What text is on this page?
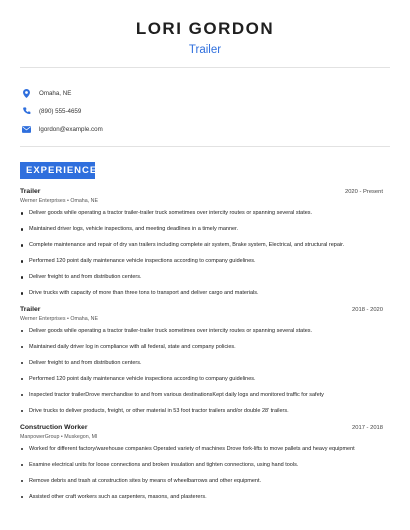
LORI GORDON
Trailer
Omaha, NE
(890) 555-4659
lgordon@example.com
EXPERIENCE
Trailer	2020 - Present
Werner Enterprises • Omaha, NE
Deliver goods while operating a tractor trailer-trailer truck sometimes over intercity routes or spanning several states.
Maintained driver logs, vehicle inspections, and meeting deadlines in a timely manner.
Complete maintenance and repair of dry van trailers including complete air system, Brake system, Electrical, and structural repair.
Performed 120 point daily maintenance vehicle inspections according to company guidelines.
Deliver freight to and from distribution centers.
Drive trucks with capacity of more than three tons to transport and deliver cargo and materials.
Trailer	2018 - 2020
Werner Enterprises • Omaha, NE
Deliver goods while operating a tractor trailer-trailer truck sometimes over intercity routes or spanning several states.
Maintained daily driver log in compliance with all federal, state and company policies.
Deliver freight to and from distribution centers.
Performed 120 point daily maintenance vehicle inspections according to company guidelines.
Inspected tractor trailerDrove merchandise to and from various destinationsKept daily logs and monitored traffic for safety
Drive trucks to deliver products, freight, or other material in 53 foot tractor trailers and/or double 28' trailers.
Construction Worker	2017 - 2018
ManpowerGroup • Muskegon, MI
Worked for different factory/warehouse companies Operated variety of machines Drove fork-lifts to move pallets and heavy equipment
Examine electrical units for loose connections and broken insulation and tighten connections, using hand tools.
Remove debris and trash at construction sites by means of wheelbarrows and other equipment.
Assisted other craft workers such as carpenters, masons, and plasterers.
